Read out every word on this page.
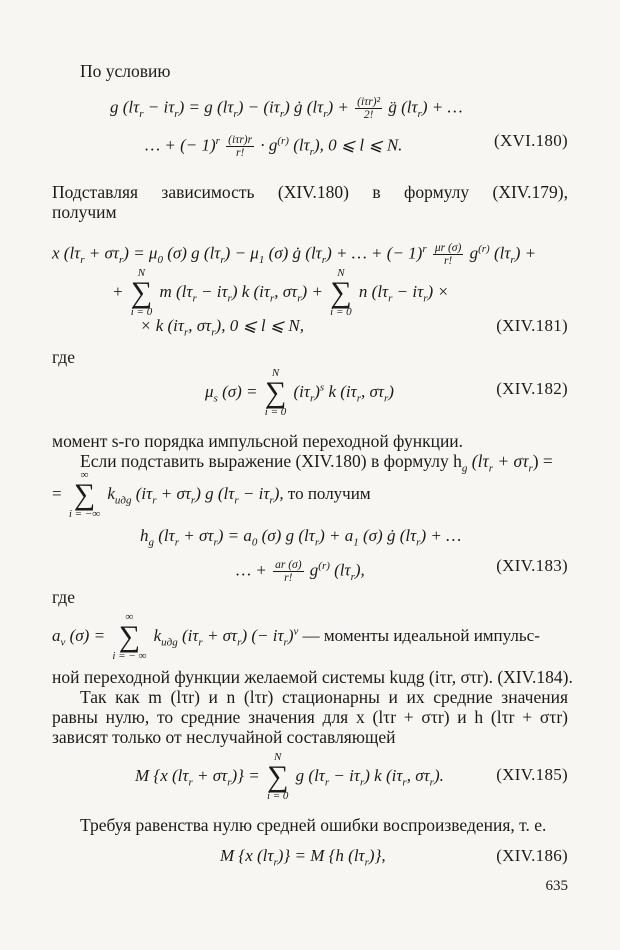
По условию
g $(l\tau_r - i\tau_r) = g$ $(l\tau_r) - (i\tau_r)$ ġ $(l\tau_r) + \frac{\text{(iτr)²}}{2!}$ g̈ $(l\tau_r)$ + …
… + (− $1)^r \frac{\text{(iτr)r}}{r!} \cdot g^{(r)}$ $(l\tau_r)$, 0 ⩽ l ⩽ N.	(XVI.180)
Подставляя зависимость (XIV.180) в формулу (XIV.179),
получим
x $(l\tau_r + \sigma\tau_r) = \mu_0$ (σ) g $(l\tau_r) - \mu_1$ (σ) ġ $(l\tau_r)$ + … + (− $1)^r \frac{\mu r (\sigma)}{r!} g^{(r)}$ $(l\tau_r)$ +
+
N
∑
i = 0
m $(l\tau_r - i\tau_r)$ k ($i\tau_r$, $\sigma\tau_r$) +
N
∑
i = 0
n $(l\tau_r - i\tau_r)$ ×
× k ($i\tau_r$, $\sigma\tau_r$), 0 ⩽ l ⩽ N,	(XIV.181)
где
$\mu_s$ (σ) =
N
∑
i = 0
$(i\tau_r)^s$ k ($i\tau_r$, $\sigma\tau_r$)	(XIV.182)
момент s-го порядка импульсной переходной функции.
Если подставить выражение (XIV.180) в формулу $h_g$ $(l\tau_r + \sigma\tau_r)$ =
=
∞
∑
i = −∞
$k_{uдg}$ $(i\tau_r + \sigma\tau_r)$ g $(l\tau_r - i\tau_r)$, то получим
$h_g$ $(l\tau_r + \sigma\tau_r) = a_0$ (σ) g $(l\tau_r) + a_1$ (σ) ġ $(l\tau_r)$ + …
… + $\frac{ar (\sigma)}{r!} g^{(r)}$ $(l\tau_r)$,	(XIV.183)
где
$a_\nu$ (σ) =
∞
∑
i = − ∞
$k_{uдg}$ $(i\tau_r + \sigma\tau_r)$ (− $i\tau_r)^\nu$ — моменты идеальной импульс-
ной переходной функции желаемой системы kuдg (iτr, στr). (XIV.184).
Так как m (lτr) и n (lτr) стационарны и их средние значения
равны нулю, то средние значения для x (lτr + στr) и h (lτr + στr)
зависят только от неслучайной составляющей
M {x $(l\tau_r + \sigma\tau_r)$} =
N
∑
i = 0
g $(l\tau_r - i\tau_r)$ k ($i\tau_r$, $\sigma\tau_r$).	(XIV.185)
Требуя равенства нулю средней ошибки воспроизведения, т. е.
M {x $(l\tau_r)\} = M$ {h $(l\tau_r)$},	(XIV.186)
635
